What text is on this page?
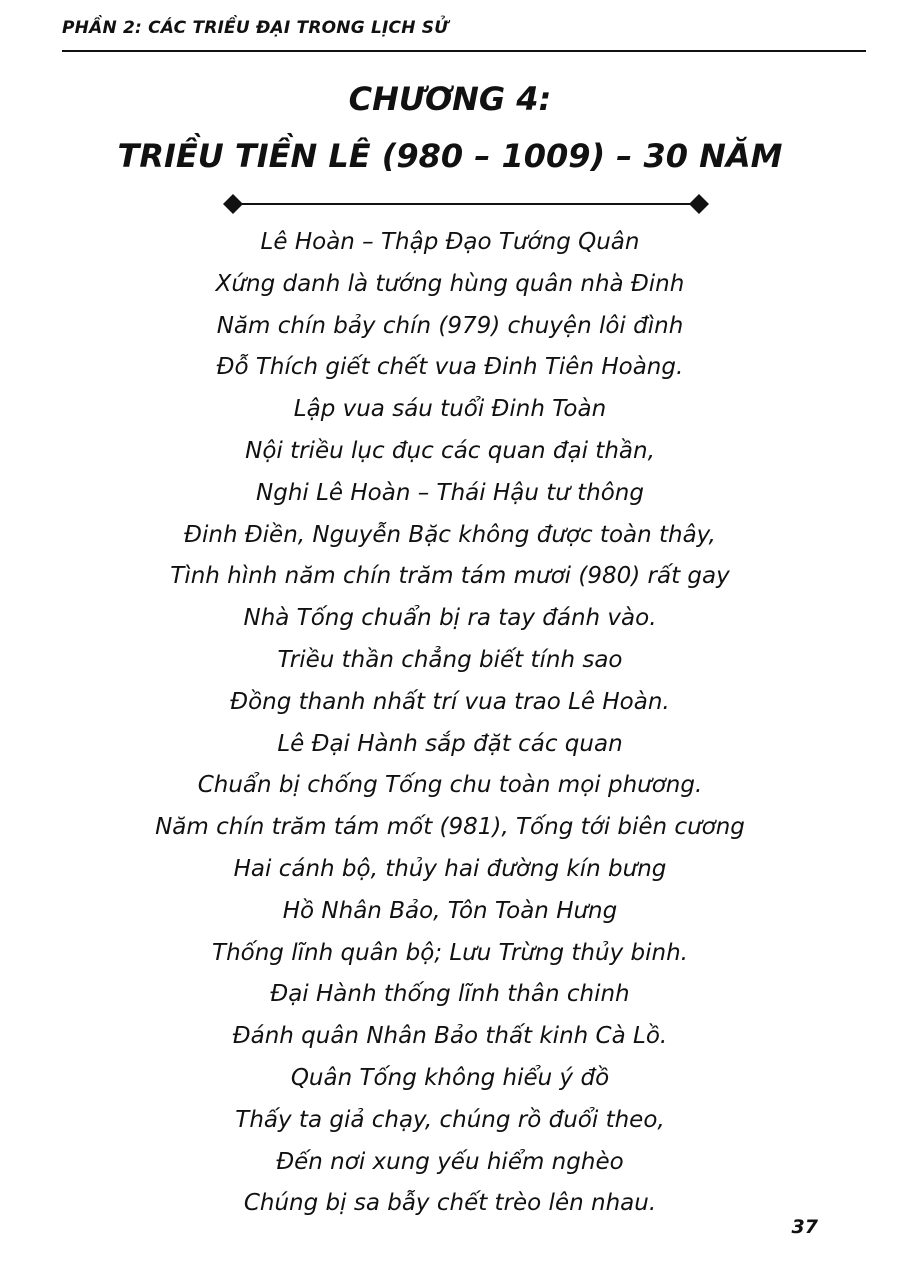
PHẦN 2: CÁC TRIỀU ĐẠI TRONG LỊCH SỬ
CHƯƠNG 4:
TRIỀU TIỀN LÊ (980 – 1009) – 30 NĂM
Lê Hoàn – Thập Đạo Tướng Quân
Xứng danh là tướng hùng quân nhà Đinh
Năm chín bảy chín (979) chuyện lôi đình
Đỗ Thích giết chết vua Đinh Tiên Hoàng.
Lập vua sáu tuổi Đinh Toàn
Nội triều lục đục các quan đại thần,
Nghi Lê Hoàn – Thái Hậu tư thông
Đinh Điền, Nguyễn Bặc không được toàn thây,
Tình hình năm chín trăm tám mươi (980) rất gay
Nhà Tống chuẩn bị ra tay đánh vào.
Triều thần chẳng biết tính sao
Đồng thanh nhất trí vua trao Lê Hoàn.
Lê Đại Hành sắp đặt các quan
Chuẩn bị chống Tống chu toàn mọi phương.
Năm chín trăm tám mốt (981), Tống tới biên cương
Hai cánh bộ, thủy hai đường kín bưng
Hồ Nhân Bảo, Tôn Toàn Hưng
Thống lĩnh quân bộ; Lưu Trừng thủy binh.
Đại Hành thống lĩnh thân chinh
Đánh quân Nhân Bảo thất kinh Cà Lồ.
Quân Tống không hiểu ý đồ
Thấy ta giả chạy, chúng rồ đuổi theo,
Đến nơi xung yếu hiểm nghèo
Chúng bị sa bẫy chết trèo lên nhau.
37
